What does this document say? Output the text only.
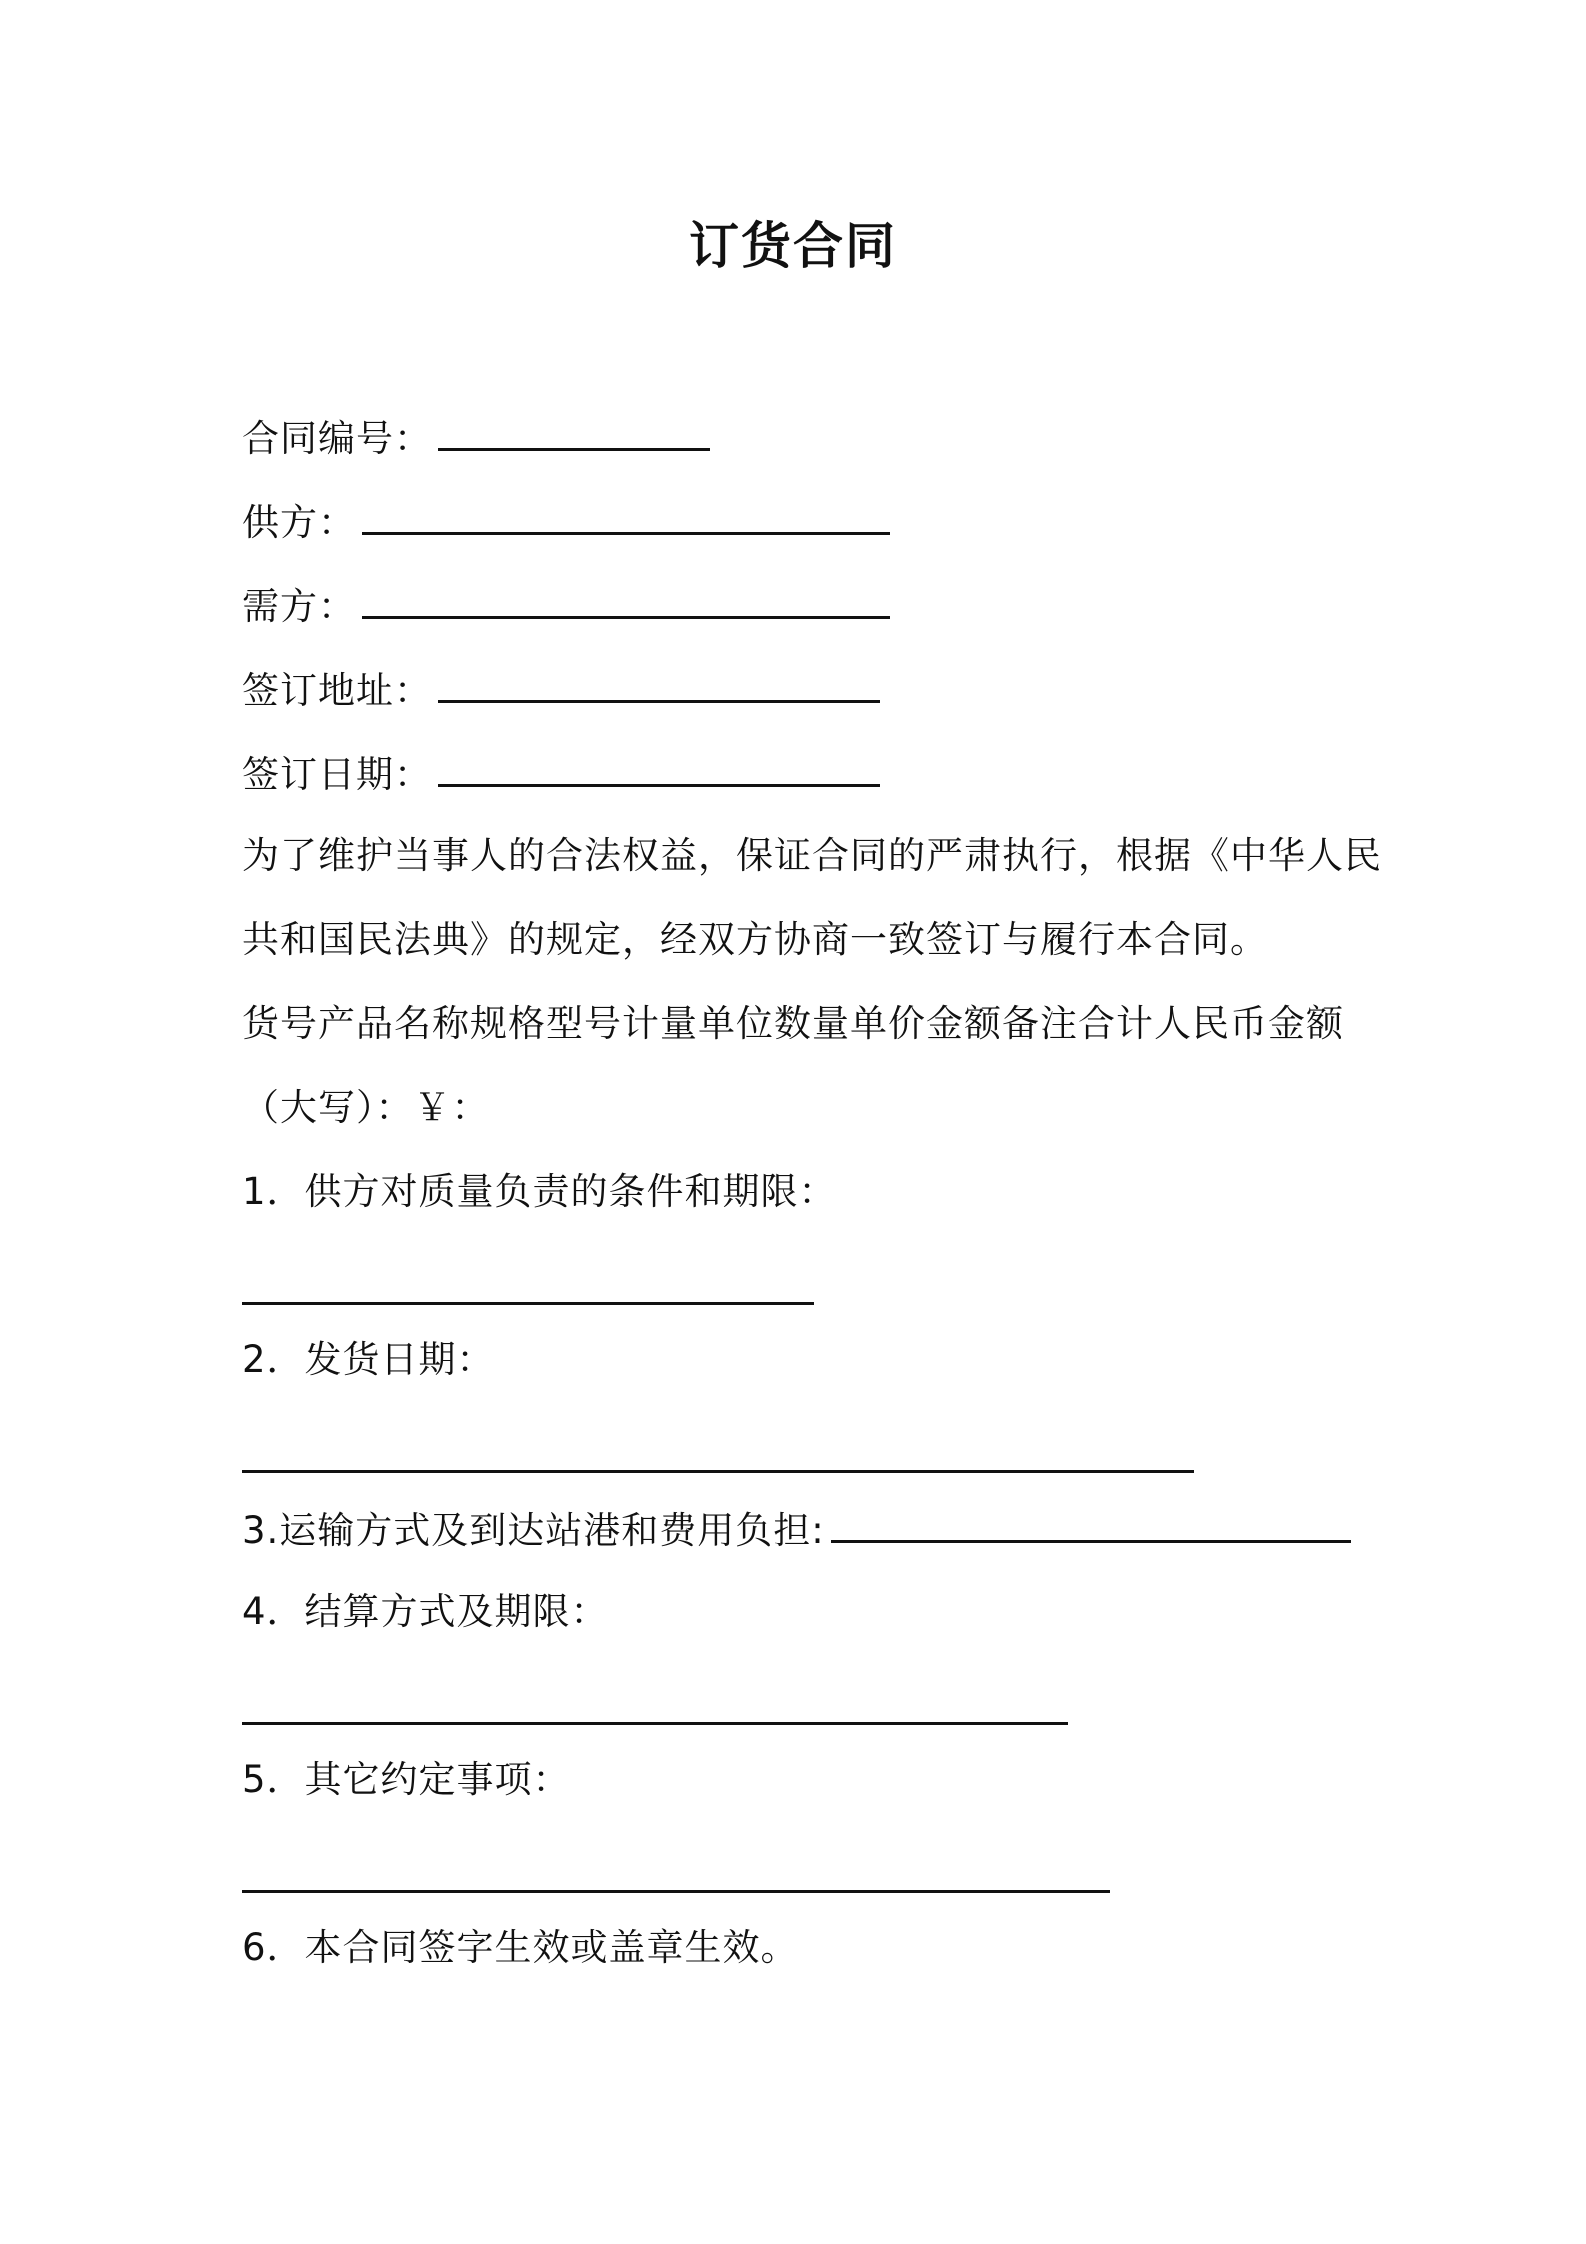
订货合同
合同编号：
供方：
需方：
签订地址：
签订日期：
为了维护当事人的合法权益，保证合同的严肃执行，根据《中华人民
共和国民法典》的规定，经双方协商一致签订与履行本合同。
货号产品名称规格型号计量单位数量单价金额备注合计人民币金额
（大写）：￥：
1．供方对质量负责的条件和期限：
2．发货日期：
3.运输方式及到达站港和费用负担:
4．结算方式及期限：
5．其它约定事项：
6．本合同签字生效或盖章生效。
